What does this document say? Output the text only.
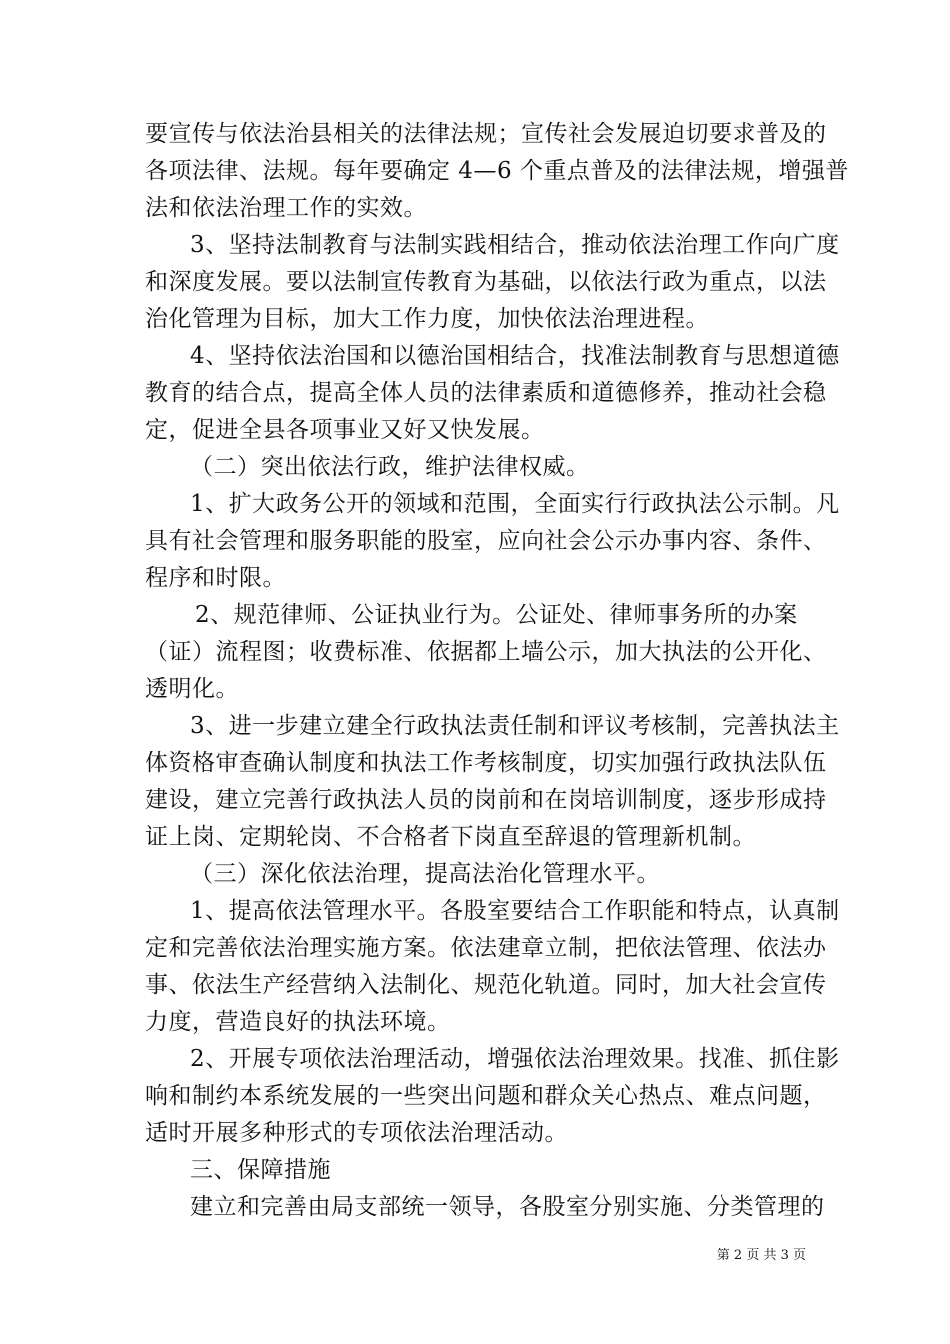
要宣传与依法治县相关的法律法规；宣传社会发展迫切要求普及的
各项法律、法规。每年要确定 4—6 个重点普及的法律法规，增强普
法和依法治理工作的实效。
3、坚持法制教育与法制实践相结合，推动依法治理工作向广度
和深度发展。要以法制宣传教育为基础，以依法行政为重点，以法
治化管理为目标，加大工作力度，加快依法治理进程。
4、坚持依法治国和以德治国相结合，找准法制教育与思想道德
教育的结合点，提高全体人员的法律素质和道德修养，推动社会稳
定，促进全县各项事业又好又快发展。
（二）突出依法行政，维护法律权威。
1、扩大政务公开的领域和范围，全面实行行政执法公示制。凡
具有社会管理和服务职能的股室，应向社会公示办事内容、条件、
程序和时限。
2、规范律师、公证执业行为。公证处、律师事务所的办案
（证）流程图；收费标准、依据都上墙公示，加大执法的公开化、
透明化。
3、进一步建立建全行政执法责任制和评议考核制，完善执法主
体资格审查确认制度和执法工作考核制度，切实加强行政执法队伍
建设，建立完善行政执法人员的岗前和在岗培训制度，逐步形成持
证上岗、定期轮岗、不合格者下岗直至辞退的管理新机制。
（三）深化依法治理，提高法治化管理水平。
1、提高依法管理水平。各股室要结合工作职能和特点，认真制
定和完善依法治理实施方案。依法建章立制，把依法管理、依法办
事、依法生产经营纳入法制化、规范化轨道。同时，加大社会宣传
力度，营造良好的执法环境。
2、开展专项依法治理活动，增强依法治理效果。找准、抓住影
响和制约本系统发展的一些突出问题和群众关心热点、难点问题，
适时开展多种形式的专项依法治理活动。
三、保障措施
建立和完善由局支部统一领导，各股室分别实施、分类管理的
第 2 页 共 3 页
